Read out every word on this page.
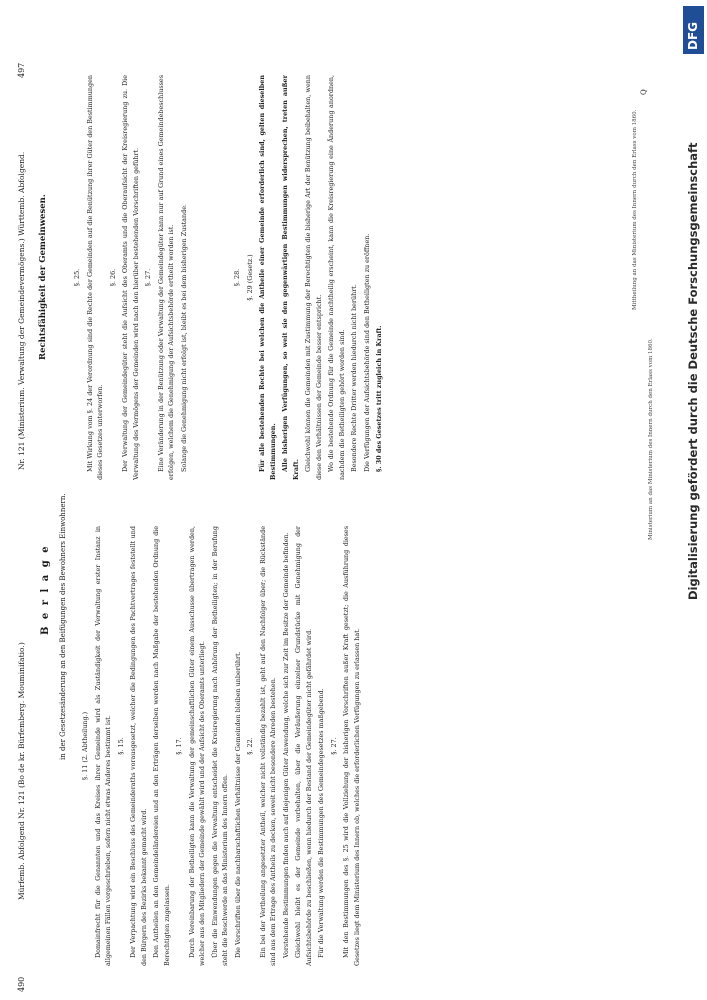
490
Mürfemb. Abfolgend Nr. 121 (Bo de kr. Bürfemberg. Mouminifatio.)
B e r l a g e in der Gesetzesänderung an den Beifügungen des Bewohners Einwohnern. §. 11 (2. Abtheilung.) Domainfrecht für die Genannten und das Kreises ihrer Gemeinde wird als Zuständigkeit der Verwaltung erster Instanz in allgemeinen Fällen vorgeschrieben, sofern nicht etwas Anderes bestimmt ist. §. 15. Der Verpachtung wird ein Beschluss des Gemeinderaths vorausgesetzt, welcher die Bedingungen des Pachtvertrages feststellt und den Bürgern des Bezirks bekannt gemacht wird. Den Antheilen an den Gemeindeländereien und an den Erträgen derselben werden nach Maßgabe der bestehenden Ordnung die Berechtigten zugelassen.

§. 17. Durch Vereinbarung der Betheiligten kann die Verwaltung der gemeinschaftlichen Güter einem Ausschusse übertragen werden, welcher aus den Mitgliedern der Gemeinde gewählt wird und der Aufsicht des Oberamts unterliegt. Über die Einwendungen gegen die Verwaltung entscheidet die Kreisregierung nach Anhörung der Betheiligten; in der Berufung steht die Beschwerde an das Ministerium des Innern offen. Die Vorschriften über die nachbarschaftlichen Verhältnisse der Gemeinden bleiben unberührt. §. 22. Ein bei der Vertheilung angesetzter Antheil, welcher nicht vollständig bezahlt ist, geht auf den Nachfolger über; die Rückstände sind aus dem Ertrage des Antheils zu decken, soweit nicht besondere Abreden bestehen. Vorstehende Bestimmungen finden auch auf diejenigen Güter Anwendung, welche sich zur Zeit im Besitze der Gemeinde befinden. Gleichwohl bleibt es der Gemeinde vorbehalten, über die Veräußerung einzelner Grundstücke mit Genehmigung der Aufsichtsbehörde zu beschließen, wenn hiedurch der Bestand der Gemeindegüter nicht gefährdet wird. Für die Verwaltung werden die Bestimmungen des Gemeindegesetzes maßgebend. §. 27. Mit den Bestimmungen des §. 25 wird die Vollziehung der bisherigen Vorschriften außer Kraft gesetzt; die Ausführung dieses Gesetzes liegt dem Ministerium des Innern ob, welches die erforderlichen Verfügungen zu erlassen hat.

Ministerium an das Ministerium des Innern durch den Erlass vom 1860.
497
Nr. 121 (Ministerium. Verwaltung der Gemeindevermögens.) Württemb. Abfolgend. Rechtsfähigkeit der Gemeinwesen.	§. 25. Mit Wirkung vom §. 24 der Verordnung sind die Rechte der Gemeinden auf die Benützung ihrer Güter den Bestimmungen dieses Gesetzes unterworfen.

§. 26. Der Verwaltung der Gemeindegüter steht die Aufsicht des Oberamts und die Oberaufsicht der Kreisregierung zu. Die Verwaltung des Vermögens der Gemeinden wird nach den hierüber bestehenden Vorschriften geführt. §. 27. Eine Veränderung in der Benützung oder Verwaltung der Gemeindegüter kann nur auf Grund eines Gemeindebeschlusses erfolgen, welchem die Genehmigung der Aufsichtsbehörde ertheilt worden ist. Solange die Genehmigung nicht erfolgt ist, bleibt es bei dem bisherigen Zustande.	§. 28. §. 29 (Gesetz.) Für alle bestehenden Rechte bei welchen die Antheile einer Gemeinde erforderlich sind, gelten dieselben Bestimmungen. Alle bisherigen Verfügungen, so weit sie den gegenwärtigen Bestimmungen widersprechen, treten außer Kraft. Gleichwohl können die Gemeinden mit Zustimmung der Berechtigten die bisherige Art der Benützung beibehalten, wenn diese den Verhältnissen der Gemeinde besser entspricht. Wo die bestehende Ordnung für die Gemeinde nachtheilig erscheint, kann die Kreisregierung eine Änderung anordnen, nachdem die Betheiligten gehört worden sind. Besondere Rechte Dritter werden hiedurch nicht berührt. Die Verfügungen der Aufsichtsbehörde sind den Betheiligten zu eröffnen. §. 30 des Gesetzes tritt zugleich in Kraft.

Mittheilung an das Ministerium des Innern durch den Erlass vom 1860.
Q
DFG
Digitalisierung gefördert durch die Deutsche Forschungsgemeinschaft
